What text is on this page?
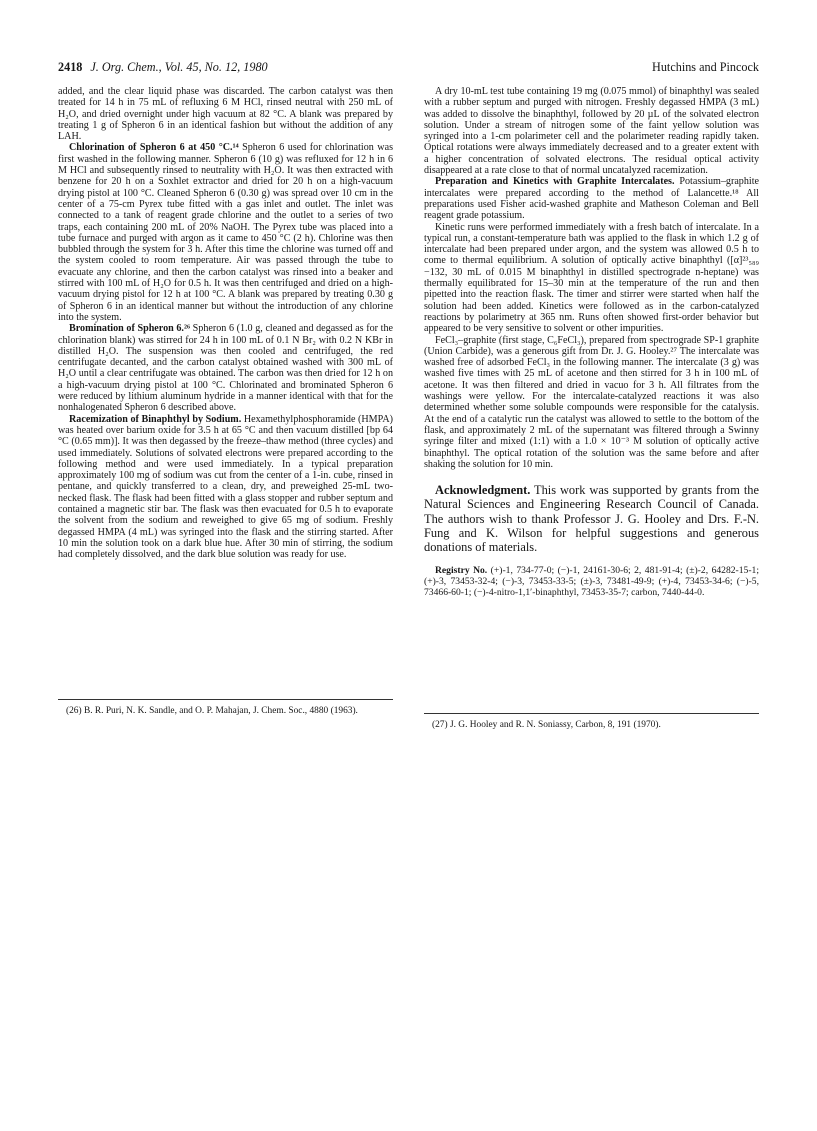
2418 J. Org. Chem., Vol. 45, No. 12, 1980	Hutchins and Pincock

added, and the clear liquid phase was discarded. The carbon catalyst was then treated for 14 h in 75 mL of refluxing 6 M HCl, rinsed neutral with 250 mL of H₂O, and dried overnight under high vacuum at 82 °C. A blank was prepared by treating 1 g of Spheron 6 in an identical fashion but without the addition of any LAH.

Chlorination of Spheron 6 at 450 °C.¹⁴ Spheron 6 used for chlorination was first washed in the following manner. Spheron 6 (10 g) was refluxed for 12 h in 6 M HCl and subsequently rinsed to neutrality with H₂O. It was then extracted with benzene for 20 h on a Soxhlet extractor and dried for 20 h on a high-vacuum drying pistol at 100 °C. Cleaned Spheron 6 (0.30 g) was spread over 10 cm in the center of a 75-cm Pyrex tube fitted with a gas inlet and outlet. The inlet was connected to a tank of reagent grade chlorine and the outlet to a series of two traps, each containing 200 mL of 20% NaOH. The Pyrex tube was placed into a tube furnace and purged with argon as it came to 450 °C (2 h). Chlorine was then bubbled through the system for 3 h. After this time the chlorine was turned off and the system cooled to room temperature. Air was passed through the tube to evacuate any chlorine, and then the carbon catalyst was rinsed into a beaker and stirred with 100 mL of H₂O for 0.5 h. It was then centrifuged and dried on a high-vacuum drying pistol for 12 h at 100 °C. A blank was prepared by treating 0.30 g of Spheron 6 in an identical manner but without the introduction of any chlorine into the system.

Bromination of Spheron 6.²⁶ Spheron 6 (1.0 g, cleaned and degassed as for the chlorination blank) was stirred for 24 h in 100 mL of 0.1 N Br₂ with 0.2 N KBr in distilled H₂O. The suspension was then cooled and centrifuged, the red centrifugate decanted, and the carbon catalyst obtained washed with 300 mL of H₂O until a clear centrifugate was obtained. The carbon was then dried for 12 h on a high-vacuum drying pistol at 100 °C. Chlorinated and brominated Spheron 6 were reduced by lithium aluminum hydride in a manner identical with that for the nonhalogenated Spheron 6 described above.

Racemization of Binaphthyl by Sodium. Hexamethylphosphoramide (HMPA) was heated over barium oxide for 3.5 h at 65 °C and then vacuum distilled [bp 64 °C (0.65 mm)]. It was then degassed by the freeze–thaw method (three cycles) and used immediately. Solutions of solvated electrons were prepared according to the following method and were used immediately. In a typical preparation approximately 100 mg of sodium was cut from the center of a 1-in. cube, rinsed in pentane, and quickly transferred to a clean, dry, and preweighed 25-mL two-necked flask. The flask had been fitted with a glass stopper and rubber septum and contained a magnetic stir bar. The flask was then evacuated for 0.5 h to evaporate the solvent from the sodium and reweighed to give 65 mg of sodium. Freshly degassed HMPA (4 mL) was syringed into the flask and the stirring started. After 10 min the solution took on a dark blue hue. After 30 min of stirring, the sodium had completely dissolved, and the dark blue solution was ready for use.

A dry 10-mL test tube containing 19 mg (0.075 mmol) of binaphthyl was sealed with a rubber septum and purged with nitrogen. Freshly degassed HMPA (3 mL) was added to dissolve the binaphthyl, followed by 20 µL of the solvated electron solution. Under a stream of nitrogen some of the faint yellow solution was syringed into a 1-cm polarimeter cell and the polarimeter reading rapidly taken. Optical rotations were always immediately decreased and to a greater extent with a higher concentration of solvated electrons. The residual optical activity disappeared at a rate close to that of normal uncatalyzed racemization.

Preparation and Kinetics with Graphite Intercalates. Potassium–graphite intercalates were prepared according to the method of Lalancette.¹⁸ All preparations used Fisher acid-washed graphite and Matheson Coleman and Bell reagent grade potassium.

Kinetic runs were performed immediately with a fresh batch of intercalate. In a typical run, a constant-temperature bath was applied to the flask in which 1.2 g of intercalate had been prepared under argon, and the system was allowed 0.5 h to come to thermal equilibrium. A solution of optically active binaphthyl ([α]²³₅₈₉ −132, 30 mL of 0.015 M binaphthyl in distilled spectrograde n-heptane) was thermally equilibrated for 15–30 min at the temperature of the run and then pipetted into the reaction flask. The timer and stirrer were started when half the solution had been added. Kinetics were followed as in the carbon-catalyzed reactions by polarimetry at 365 nm. Runs often showed first-order behavior but appeared to be very sensitive to solvent or other impurities.

FeCl₃–graphite (first stage, C₆FeCl₃), prepared from spectrograde SP-1 graphite (Union Carbide), was a generous gift from Dr. J. G. Hooley.²⁷ The intercalate was washed free of adsorbed FeCl₃ in the following manner. The intercalate (3 g) was washed five times with 25 mL of acetone and then stirred for 3 h in 100 mL of acetone. It was then filtered and dried in vacuo for 3 h. All filtrates from the washings were yellow. For the intercalate-catalyzed reactions it was also determined whether some soluble compounds were responsible for the catalysis. At the end of a catalytic run the catalyst was allowed to settle to the bottom of the flask, and approximately 2 mL of the supernatant was filtered through a Swinny syringe filter and mixed (1:1) with a 1.0 × 10⁻³ M solution of optically active binaphthyl. The optical rotation of the solution was the same before and after shaking the solution for 10 min.

Acknowledgment. This work was supported by grants from the Natural Sciences and Engineering Research Council of Canada. The authors wish to thank Professor J. G. Hooley and Drs. F.-N. Fung and K. Wilson for helpful suggestions and generous donations of materials.

Registry No. (+)-1, 734-77-0; (−)-1, 24161-30-6; 2, 481-91-4; (±)-2, 64282-15-1; (+)-3, 73453-32-4; (−)-3, 73453-33-5; (±)-3, 73481-49-9; (+)-4, 73453-34-6; (−)-5, 73466-60-1; (−)-4-nitro-1,1′-binaphthyl, 73453-35-7; carbon, 7440-44-0.

(26) B. R. Puri, N. K. Sandle, and O. P. Mahajan, J. Chem. Soc., 4880 (1963).

(27) J. G. Hooley and R. N. Soniassy, Carbon, 8, 191 (1970).
